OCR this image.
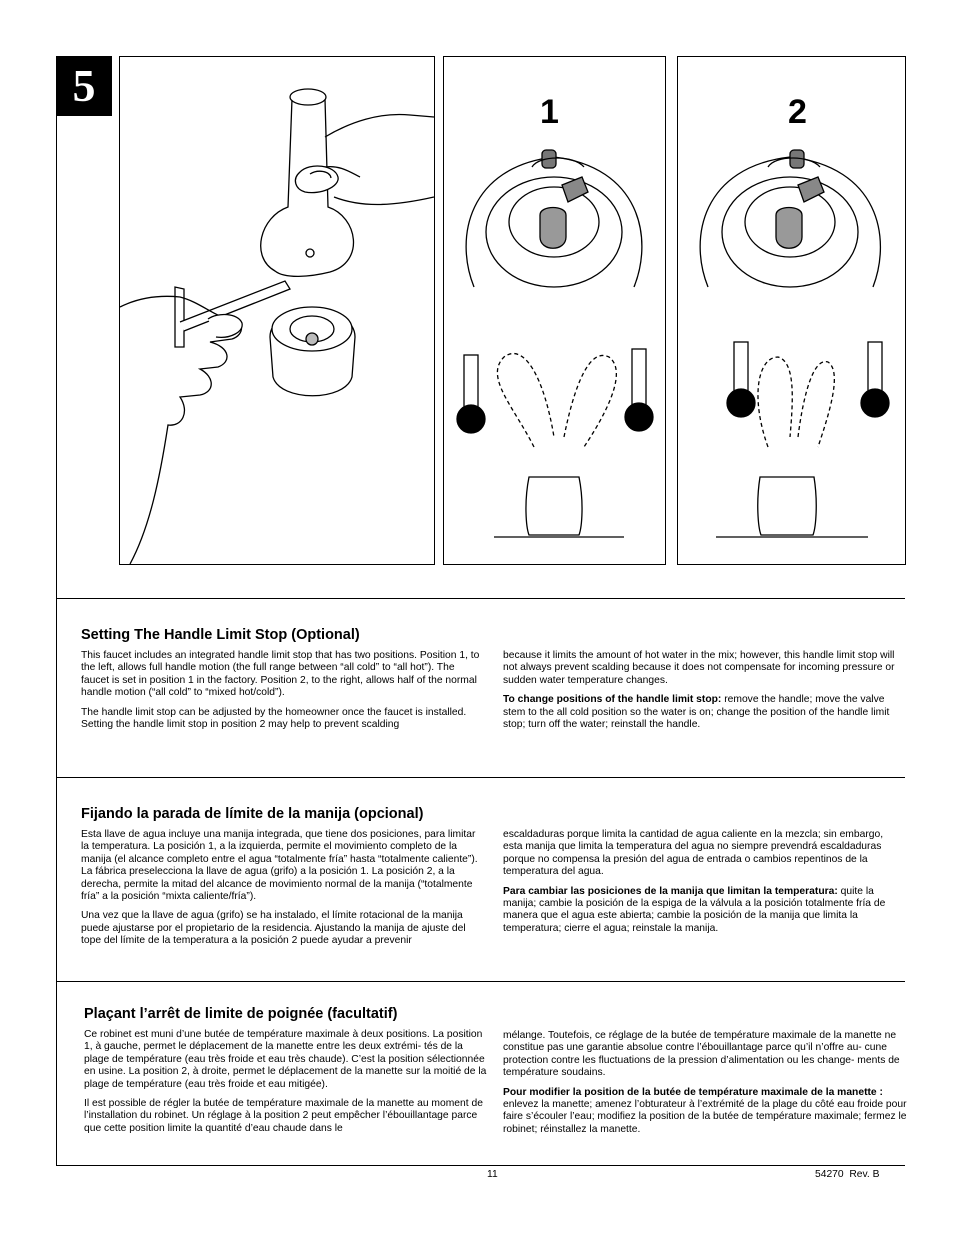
5
1	2
Setting The Handle Limit Stop (Optional)

This faucet includes an integrated handle limit stop that has two positions. Position 1, to the left, allows full handle motion (the full range between “all cold” to “all hot”). The faucet is set in position 1 in the factory. Position 2, to the right, allows half of the normal handle motion (“all cold” to “mixed hot/cold”).

The handle limit stop can be adjusted by the homeowner once the faucet is installed. Setting the handle limit stop in position 2 may help to prevent scalding

because it limits the amount of hot water in the mix; however, this handle limit stop will not always prevent scalding because it does not compensate for incoming pressure or sudden water temperature changes.

To change positions of the handle limit stop: remove the handle; move the valve stem to the all cold position so the water is on; change the position of the handle limit stop; turn off the water; reinstall the handle.

Fijando la parada de límite de la manija (opcional)

Esta llave de agua incluye una manija integrada, que tiene dos posiciones, para limitar la temperatura. La posición 1, a la izquierda, permite el movimiento completo de la manija (el alcance completo entre el agua “totalmente fría” hasta “totalmente caliente”). La fábrica preselecciona la llave de agua (grifo) a la posición 1. La posición 2, a la derecha, permite la mitad del alcance de movimiento normal de la manija (“totalmente fría” a la posición “mixta caliente/fría”).

Una vez que la llave de agua (grifo) se ha instalado, el límite rotacional de la manija puede ajustarse por el propietario de la residencia. Ajustando la manija de ajuste del tope del límite de la temperatura a la posición 2 puede ayudar a prevenir

escaldaduras porque limita la cantidad de agua caliente en la mezcla; sin embargo, esta manija que limita la temperatura del agua no siempre prevendrá escaldaduras porque no compensa la presión del agua de entrada o cambios repentinos de la temperatura del agua.

Para cambiar las posiciones de la manija que limitan la temperatura: quite la manija; cambie la posición de la espiga de la válvula a la posición totalmente fría de manera que el agua este abierta; cambie la posición de la manija que limita la temperatura; cierre el agua; reinstale la manija.

Plaçant l’arrêt de limite de poignée (facultatif)

Ce robinet est muni d’une butée de température maximale à deux positions. La position 1, à gauche, permet le déplacement de la manette entre les deux extrémi- tés de la plage de température (eau très froide et eau très chaude). C’est la position sélectionnée en usine. La position 2, à droite, permet le déplacement de la manette sur la moitié de la plage de température (eau très froide et eau mitigée).

Il est possible de régler la butée de température maximale de la manette au moment de l’installation du robinet. Un réglage à la position 2 peut empêcher l’ébouillantage parce que cette position limite la quantité d’eau chaude dans le

mélange. Toutefois, ce réglage de la butée de température maximale de la manette ne constitue pas une garantie absolue contre l’ébouillantage parce qu’il n’offre au- cune protection contre les fluctuations de la pression d’alimentation ou les change- ments de température soudains.

Pour modifier la position de la butée de température maximale de la manette : enlevez la manette; amenez l’obturateur à l’extrémité de la plage du côté eau froide pour faire s’écouler l’eau; modifiez la position de la butée de température maximale; fermez le robinet; réinstallez la manette.

11	54270  Rev. B
